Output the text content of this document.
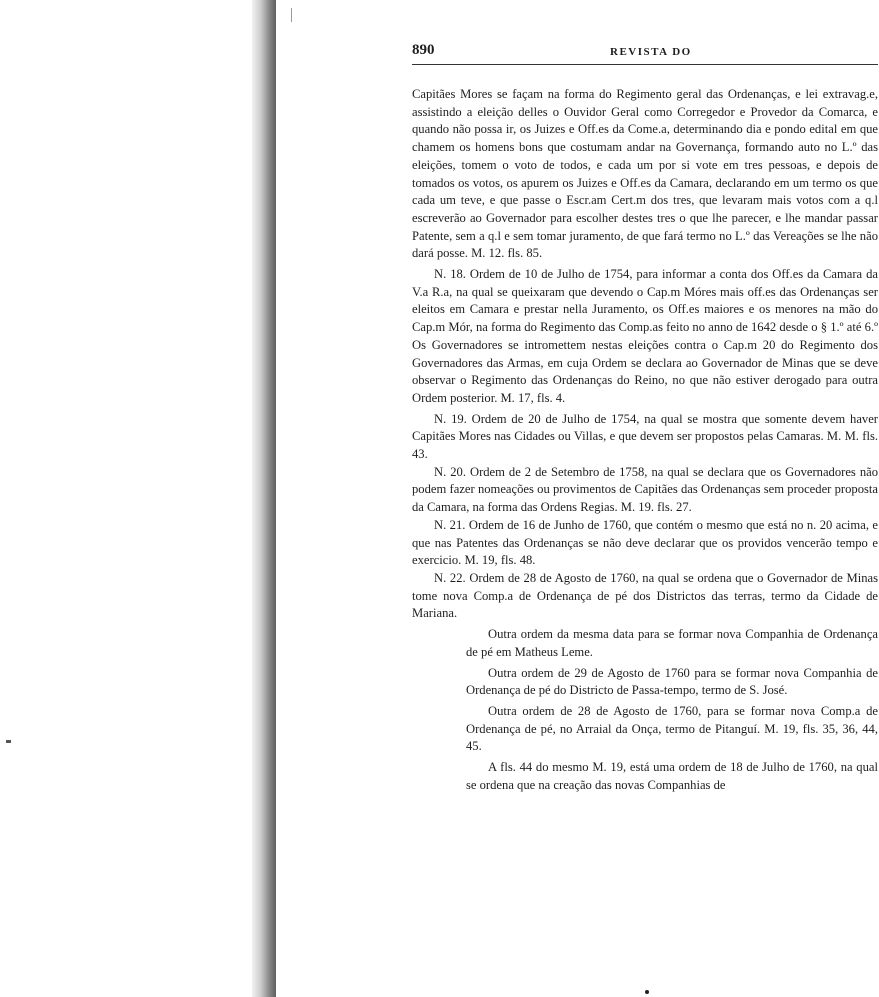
890	REVISTA DO

Capitães Mores se façam na forma do Regimento geral das Ordenanças, e lei extravag.e, assistindo a eleição delles o Ouvidor Geral como Corregedor e Provedor da Comarca, e quando não possa ir, os Juizes e Off.es da Come.a, determinando dia e pondo edital em que chamem os homens bons que costumam andar na Governança, formando auto no L.º das eleições, tomem o voto de todos, e cada um por si vote em tres pessoas, e depois de tomados os votos, os apurem os Juizes e Off.es da Camara, declarando em um termo os que cada um teve, e que passe o Escr.am Cert.m dos tres, que levaram mais votos com a q.l escreverão ao Governador para escolher destes tres o que lhe parecer, e lhe mandar passar Patente, sem a q.l e sem tomar juramento, de que fará termo no L.º das Vereações se lhe não dará posse. M. 12. fls. 85.

N. 18. Ordem de 10 de Julho de 1754, para informar a conta dos Off.es da Camara da V.a R.a, na qual se queixaram que devendo o Cap.m Móres mais off.es das Ordenanças ser eleitos em Camara e prestar nella Juramento, os Off.es maiores e os menores na mão do Cap.m Mór, na forma do Regimento das Comp.as feito no anno de 1642 desde o § 1.º até 6.º Os Governadores se intromettem nestas eleições contra o Cap.m 20 do Regimento dos Governadores das Armas, em cuja Ordem se declara ao Governador de Minas que se deve observar o Regimento das Ordenanças do Reino, no que não estiver derogado para outra Ordem posterior. M. 17, fls. 4.

N. 19. Ordem de 20 de Julho de 1754, na qual se mostra que somente devem haver Capitães Mores nas Cidades ou Villas, e que devem ser propostos pelas Camaras. M. M. fls. 43.

N. 20. Ordem de 2 de Setembro de 1758, na qual se declara que os Governadores não podem fazer nomeações ou provimentos de Capitães das Ordenanças sem proceder proposta da Camara, na forma das Ordens Regias. M. 19. fls. 27.

N. 21. Ordem de 16 de Junho de 1760, que contém o mesmo que está no n. 20 acima, e que nas Patentes das Ordenanças se não deve declarar que os providos vencerão tempo e exercicio. M. 19, fls. 48.

N. 22. Ordem de 28 de Agosto de 1760, na qual se ordena que o Governador de Minas tome nova Comp.a de Ordenança de pé dos Districtos das terras, termo da Cidade de Mariana.

Outra ordem da mesma data para se formar nova Companhia de Ordenança de pé em Matheus Leme.

Outra ordem de 29 de Agosto de 1760 para se formar nova Companhia de Ordenança de pé do Districto de Passa-tempo, termo de S. José.

Outra ordem de 28 de Agosto de 1760, para se formar nova Comp.a de Ordenança de pé, no Arraial da Onça, termo de Pitanguí. M. 19, fls. 35, 36, 44, 45.

A fls. 44 do mesmo M. 19, está uma ordem de 18 de Julho de 1760, na qual se ordena que na creação das novas Companhias de
